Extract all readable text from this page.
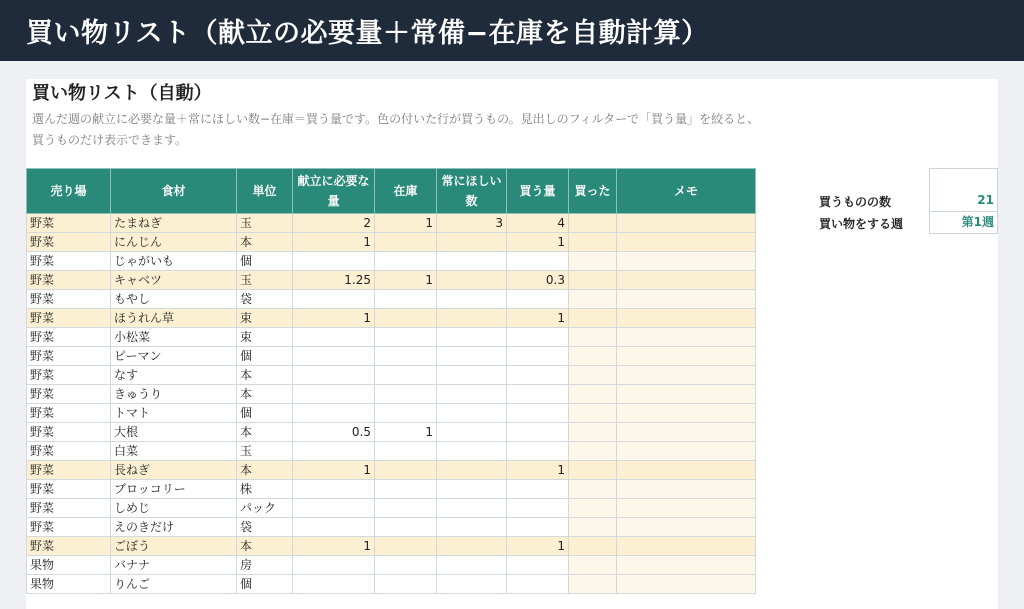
買い物リスト（献立の必要量＋常備−在庫を自動計算）
買い物リスト（自動）
選んだ週の献立に必要な量＋常にほしい数−在庫＝買う量です。色の付いた行が買うもの。見出しのフィルターで「買う量」を絞ると、買うものだけ表示できます。
売り場	食材	単位	献立に必要な量	在庫	常にほしい数	買う量	買った	メモ
野菜	たまねぎ	玉	2	1	3	4		
野菜	にんじん	本	1			1		
野菜	じゃがいも	個						
野菜	キャベツ	玉	1.25	1		0.3		
野菜	もやし	袋						
野菜	ほうれん草	束	1			1		
野菜	小松菜	束						
野菜	ピーマン	個						
野菜	なす	本						
野菜	きゅうり	本						
野菜	トマト	個						
野菜	大根	本	0.5	1				
野菜	白菜	玉						
野菜	長ねぎ	本	1			1		
野菜	ブロッコリー	株						
野菜	しめじ	パック						
野菜	えのきだけ	袋						
野菜	ごぼう	本	1			1		
果物	バナナ	房						
果物	りんご	個						
買うものの数	21
買い物をする週	第1週
